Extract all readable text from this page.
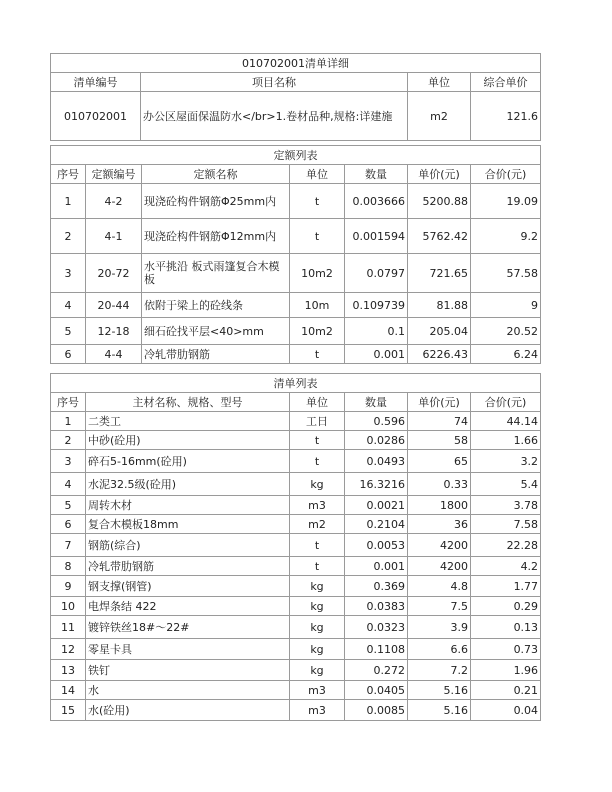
010702001清单详细			
清单编号	项目名称	单位	综合单价
010702001	办公区屋面保温防水</br>1.卷材品种,规格:详建施	m2	121.6
定额列表						
序号	定额编号	定额名称	单位	数量	单价(元)	合价(元)
1	4-2	现浇砼构件钢筋Φ25mm内	t	0.003666	5200.88	19.09
2	4-1	现浇砼构件钢筋Φ12mm内	t	0.001594	5762.42	9.2
3	20-72	水平挑沿 板式雨篷复合木模板	10m2	0.0797	721.65	57.58
4	20-44	依附于梁上的砼线条	10m	0.109739	81.88	9
5	12-18	细石砼找平层<40>mm	10m2	0.1	205.04	20.52
6	4-4	冷轧带肋钢筋	t	0.001	6226.43	6.24
清单列表					
序号	主材名称、规格、型号	单位	数量	单价(元)	合价(元)
1	二类工	工日	0.596	74	44.14
2	中砂(砼用)	t	0.0286	58	1.66
3	碎石5-16mm(砼用)	t	0.0493	65	3.2
4	水泥32.5级(砼用)	kg	16.3216	0.33	5.4
5	周转木材	m3	0.0021	1800	3.78
6	复合木模板18mm	m2	0.2104	36	7.58
7	钢筋(综合)	t	0.0053	4200	22.28
8	冷轧带肋钢筋	t	0.001	4200	4.2
9	钢支撑(钢管)	kg	0.369	4.8	1.77
10	电焊条结 422	kg	0.0383	7.5	0.29
11	镀锌铁丝18#～22#	kg	0.0323	3.9	0.13
12	零星卡具	kg	0.1108	6.6	0.73
13	铁钉	kg	0.272	7.2	1.96
14	水	m3	0.0405	5.16	0.21
15	水(砼用)	m3	0.0085	5.16	0.04
